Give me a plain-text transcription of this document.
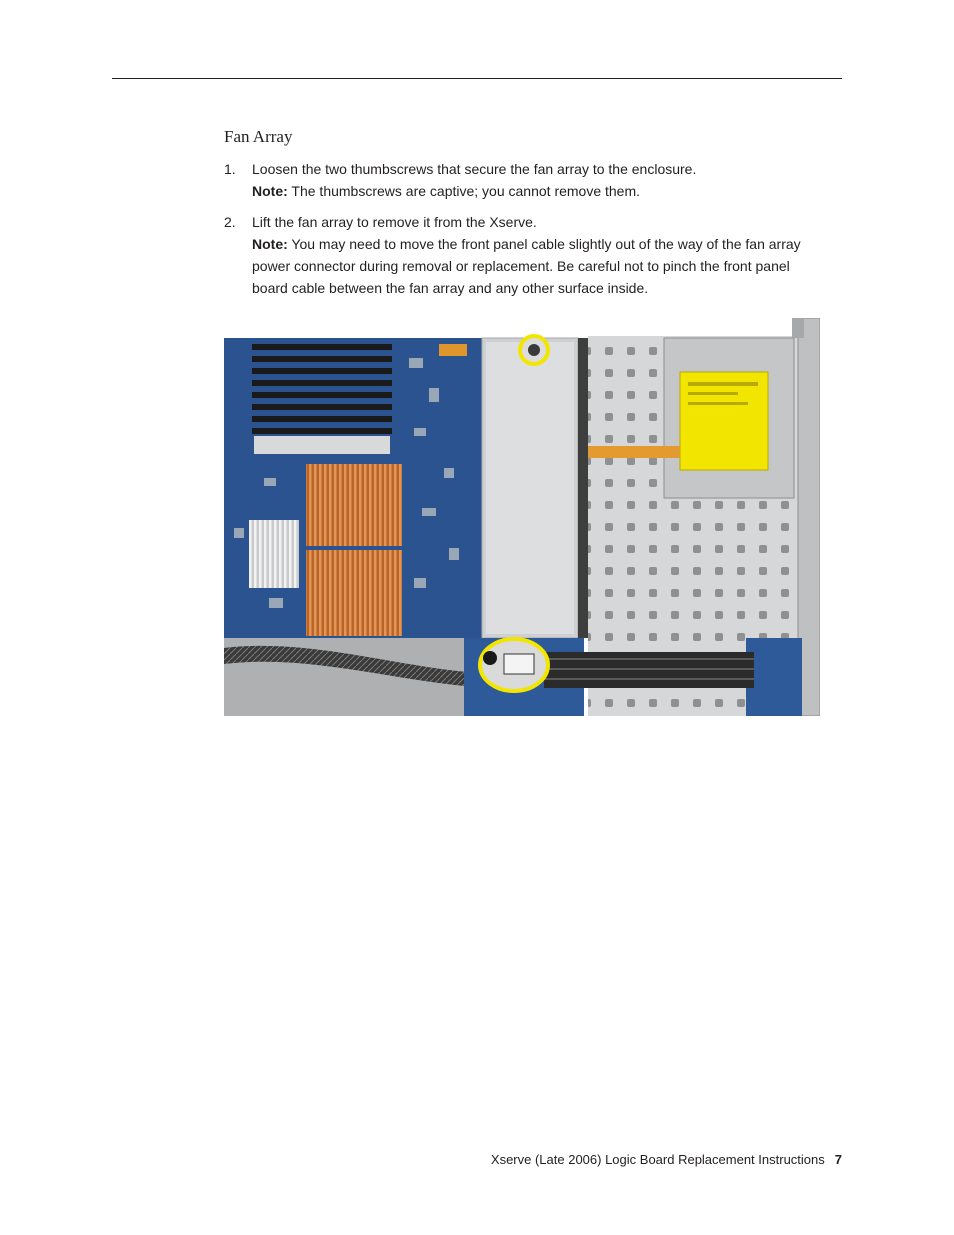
Fan Array
1. Loosen the two thumbscrews that secure the fan array to the enclosure.

Note: The thumbscrews are captive; you cannot remove them.

2. Lift the fan array to remove it from the Xserve.

Note: You may need to move the front panel cable slightly out of the way of the fan array power connector during removal or replacement. Be careful not to pinch the front panel board cable between the fan array and any other surface inside.

Xserve (Late 2006) Logic Board Replacement Instructions 7
